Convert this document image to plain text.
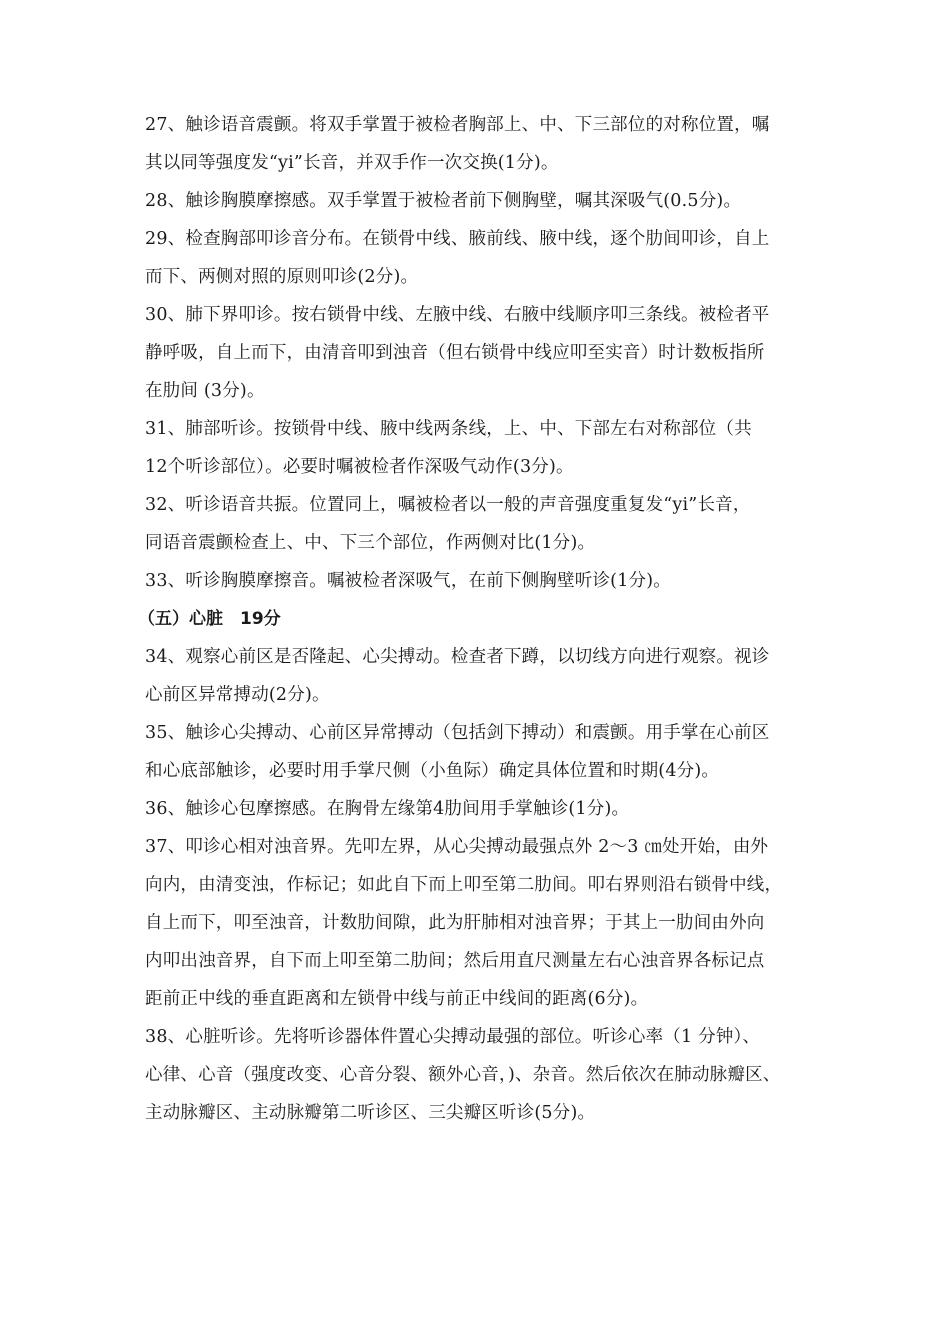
27、触诊语音震颤。将双手掌置于被检者胸部上、中、下三部位的对称位置，嘱
其以同等强度发“yi”长音，并双手作一次交换(1分)。
28、触诊胸膜摩擦感。双手掌置于被检者前下侧胸壁，嘱其深吸气(0.5分)。
29、检查胸部叩诊音分布。在锁骨中线、腋前线、腋中线，逐个肋间叩诊，自上
而下、两侧对照的原则叩诊(2分)。
30、肺下界叩诊。按右锁骨中线、左腋中线、右腋中线顺序叩三条线。被检者平
静呼吸，自上而下，由清音叩到浊音（但右锁骨中线应叩至实音）时计数板指所
在肋间 (3分)。
31、肺部听诊。按锁骨中线、腋中线两条线，上、中、下部左右对称部位（共
12个听诊部位）。必要时嘱被检者作深吸气动作(3分)。
32、听诊语音共振。位置同上，嘱被检者以一般的声音强度重复发“yi”长音，
同语音震颤检查上、中、下三个部位，作两侧对比(1分)。
33、听诊胸膜摩擦音。嘱被检者深吸气，在前下侧胸壁听诊(1分)。
（五）心脏　19分
34、观察心前区是否隆起、心尖搏动。检查者下蹲，以切线方向进行观察。视诊
心前区异常搏动(2分)。
35、触诊心尖搏动、心前区异常搏动（包括剑下搏动）和震颤。用手掌在心前区
和心底部触诊，必要时用手掌尺侧（小鱼际）确定具体位置和时期(4分)。
36、触诊心包摩擦感。在胸骨左缘第4肋间用手掌触诊(1分)。
37、叩诊心相对浊音界。先叩左界，从心尖搏动最强点外 2～3 ㎝处开始，由外
向内，由清变浊，作标记；如此自下而上叩至第二肋间。叩右界则沿右锁骨中线，
自上而下，叩至浊音，计数肋间隙，此为肝肺相对浊音界；于其上一肋间由外向
内叩出浊音界，自下而上叩至第二肋间；然后用直尺测量左右心浊音界各标记点
距前正中线的垂直距离和左锁骨中线与前正中线间的距离(6分)。
38、心脏听诊。先将听诊器体件置心尖搏动最强的部位。听诊心率（1 分钟）、
心律、心音（强度改变、心音分裂、额外心音，)、杂音。然后依次在肺动脉瓣区、
主动脉瓣区、主动脉瓣第二听诊区、三尖瓣区听诊(5分)。
